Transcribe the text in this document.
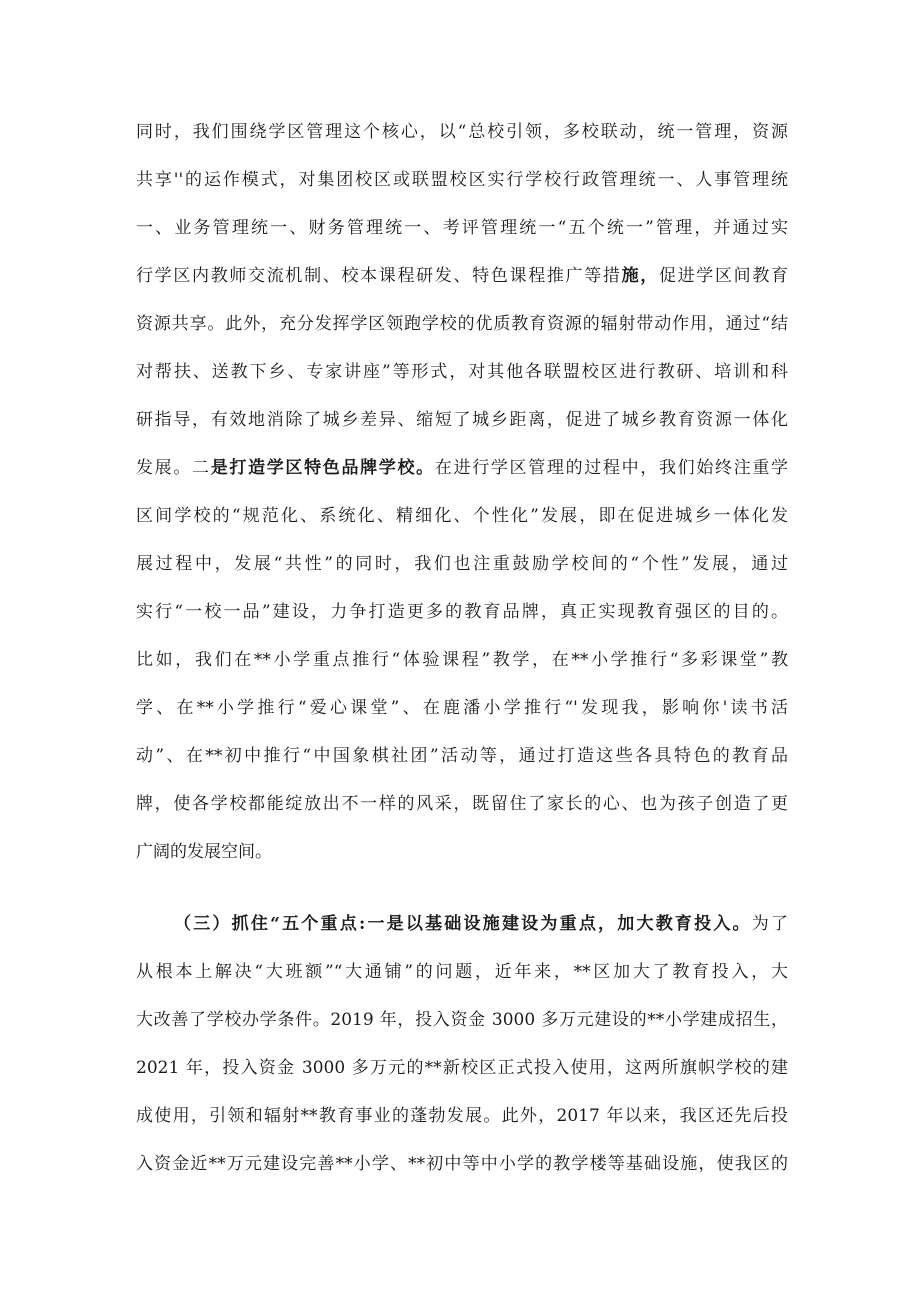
同时，我们围绕学区管理这个核心，以“总校引领，多校联动，统一管理，资源
共享''的运作模式，对集团校区或联盟校区实行学校行政管理统一、人事管理统
一、业务管理统一、财务管理统一、考评管理统一“五个统一”管理，并通过实
行学区内教师交流机制、校本课程研发、特色课程推广等措施，促进学区间教育
资源共享。此外，充分发挥学区领跑学校的优质教育资源的辐射带动作用，通过“结
对帮扶、送教下乡、专家讲座”等形式，对其他各联盟校区进行教研、培训和科
研指导，有效地消除了城乡差异、缩短了城乡距离，促进了城乡教育资源一体化
发展。二是打造学区特色品牌学校。在进行学区管理的过程中，我们始终注重学
区间学校的“规范化、系统化、精细化、个性化”发展，即在促进城乡一体化发
展过程中，发展“共性”的同时，我们也注重鼓励学校间的“个性”发展，通过
实行“一校一品”建设，力争打造更多的教育品牌，真正实现教育强区的目的。
比如，我们在**小学重点推行“体验课程”教学，在**小学推行“多彩课堂”教
学、在**小学推行“爱心课堂”、在鹿潘小学推行“'发现我，影响你'读书活
动”、在**初中推行“中国象棋社团”活动等，通过打造这些各具特色的教育品
牌，使各学校都能绽放出不一样的风采，既留住了家长的心、也为孩子创造了更
广阔的发展空间。
（三）抓住“五个重点:一是以基础设施建设为重点，加大教育投入。为了
从根本上解决“大班额”“大通铺”的问题，近年来，**区加大了教育投入，大
大改善了学校办学条件。2019 年，投入资金 3000 多万元建设的**小学建成招生，
2021 年，投入资金 3000 多万元的**新校区正式投入使用，这两所旗帜学校的建
成使用，引领和辐射**教育事业的蓬勃发展。此外，2017 年以来，我区还先后投
入资金近**万元建设完善**小学、**初中等中小学的教学楼等基础设施，使我区的
